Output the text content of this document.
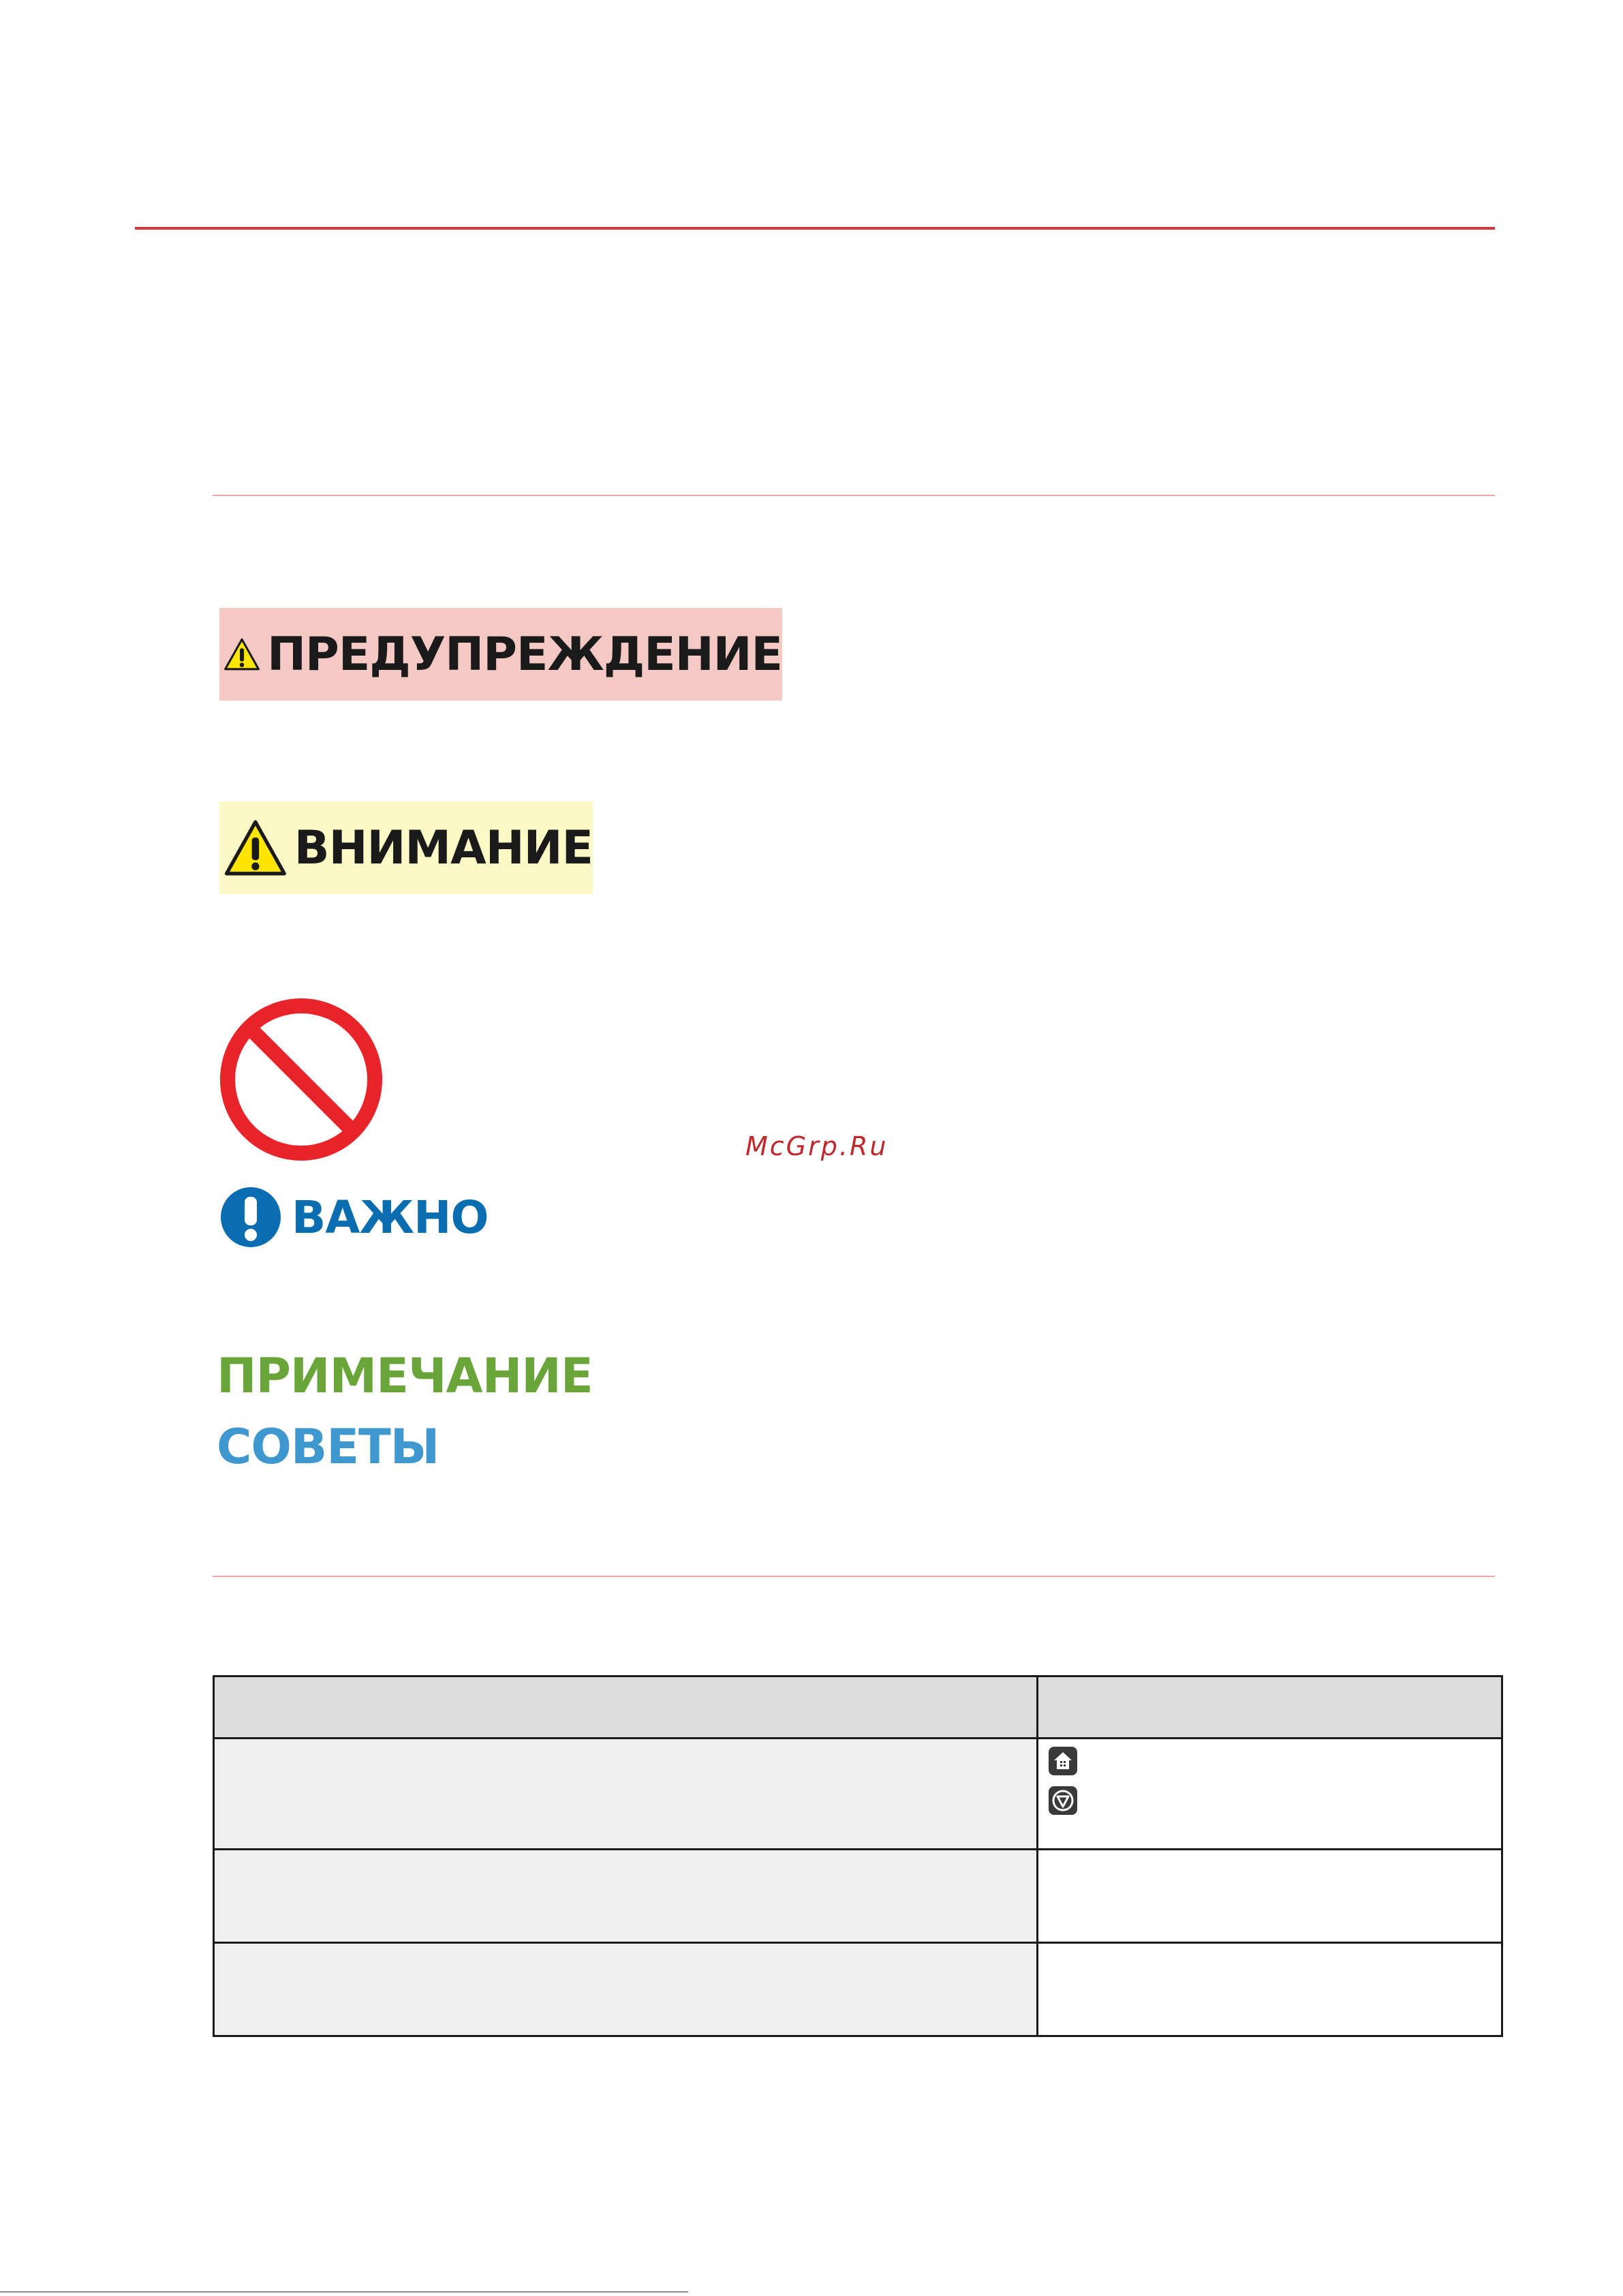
ПРЕДУПРЕЖДЕНИЕ
ВНИМАНИЕ
McGrp.Ru
ВАЖНО
ПРИМЕЧАНИЕ
СОВЕТЫ
